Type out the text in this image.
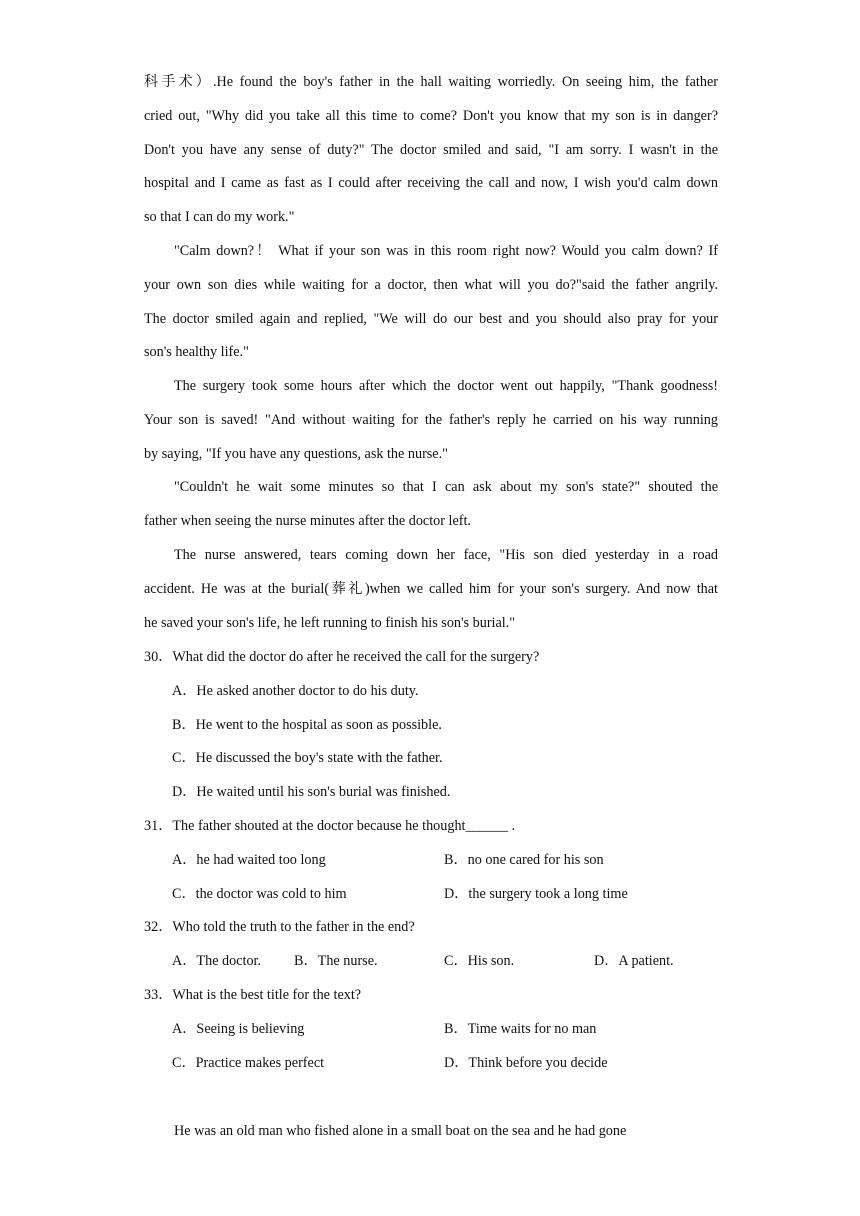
科手术）.He found the boy's father in the hall waiting worriedly. On seeing him, the father
cried out, "Why did you take all this time to come? Don't you know that my son is in danger?
Don't you have any sense of duty?" The doctor smiled and said, "I am sorry. I wasn't in the
hospital and I came as fast as I could after receiving the call and now, I wish you'd calm down
so that I can do my work."
"Calm down?！ What if your son was in this room right now? Would you calm down? If
your own son dies while waiting for a doctor, then what will you do?"said the father angrily.
The doctor smiled again and replied, "We will do our best and you should also pray for your
son's healthy life."
The surgery took some hours after which the doctor went out happily, "Thank goodness!
Your son is saved! "And without waiting for the father's reply he carried on his way running
by saying, "If you have any questions, ask the nurse."
"Couldn't he wait some minutes so that I can ask about my son's state?" shouted the
father when seeing the nurse minutes after the doctor left.
The nurse answered, tears coming down her face, "His son died yesterday in a road
accident. He was at the burial(葬礼)when we called him for your son's surgery. And now that
he saved your son's life, he left running to finish his son's burial."
30．What did the doctor do after he received the call for the surgery?
A．He asked another doctor to do his duty.
B．He went to the hospital as soon as possible.
C．He discussed the boy's state with the father.
D．He waited until his son's burial was finished.
31．The father shouted at the doctor because he thought______ .
A．he had waited too long	B．no one cared for his son
C．the doctor was cold to him	D．the surgery took a long time
32．Who told the truth to the father in the end?
A．The doctor. B．The nurse.	C．His son.	D．A patient.
33．What is the best title for the text?
A．Seeing is believing	B．Time waits for no man
C．Practice makes perfect	D．Think before you decide
He was an old man who fished alone in a small boat on the sea and he had gone
